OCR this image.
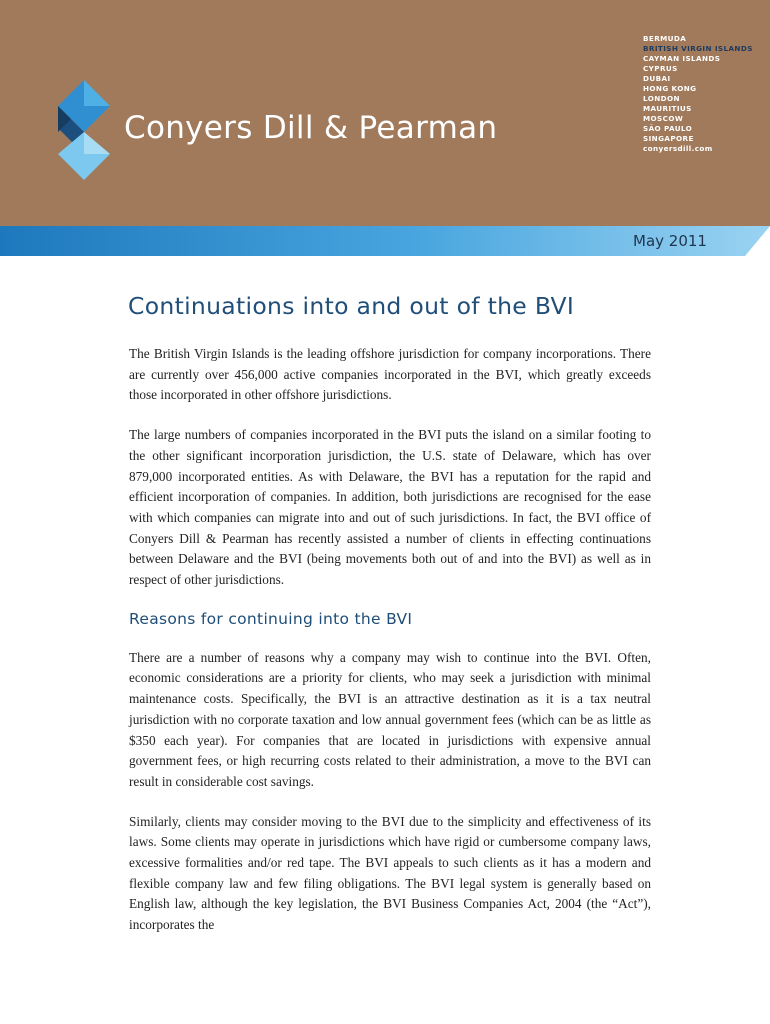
Conyers Dill & Pearman
BERMUDA
BRITISH VIRGIN ISLANDS
CAYMAN ISLANDS
CYPRUS
DUBAI
HONG KONG
LONDON
MAURITIUS
MOSCOW
SÃO PAULO
SINGAPORE
conyersdill.com
May 2011
Continuations into and out of the BVI

The British Virgin Islands is the leading offshore jurisdiction for company incorporations. There are currently over 456,000 active companies incorporated in the BVI, which greatly exceeds those incorporated in other offshore jurisdictions.

The large numbers of companies incorporated in the BVI puts the island on a similar footing to the other significant incorporation jurisdiction, the U.S. state of Delaware, which has over 879,000 incorporated entities. As with Delaware, the BVI has a reputation for the rapid and efficient incorporation of companies. In addition, both jurisdictions are recognised for the ease with which companies can migrate into and out of such jurisdictions. In fact, the BVI office of Conyers Dill & Pearman has recently assisted a number of clients in effecting continuations between Delaware and the BVI (being movements both out of and into the BVI) as well as in respect of other jurisdictions.

Reasons for continuing into the BVI

There are a number of reasons why a company may wish to continue into the BVI. Often, economic considerations are a priority for clients, who may seek a jurisdiction with minimal maintenance costs. Specifically, the BVI is an attractive destination as it is a tax neutral jurisdiction with no corporate taxation and low annual government fees (which can be as little as $350 each year). For companies that are located in jurisdictions with expensive annual government fees, or high recurring costs related to their administration, a move to the BVI can result in considerable cost savings.

Similarly, clients may consider moving to the BVI due to the simplicity and effectiveness of its laws. Some clients may operate in jurisdictions which have rigid or cumbersome company laws, excessive formalities and/or red tape. The BVI appeals to such clients as it has a modern and flexible company law and few filing obligations. The BVI legal system is generally based on English law, although the key legislation, the BVI Business Companies Act, 2004 (the “Act”), incorporates the
